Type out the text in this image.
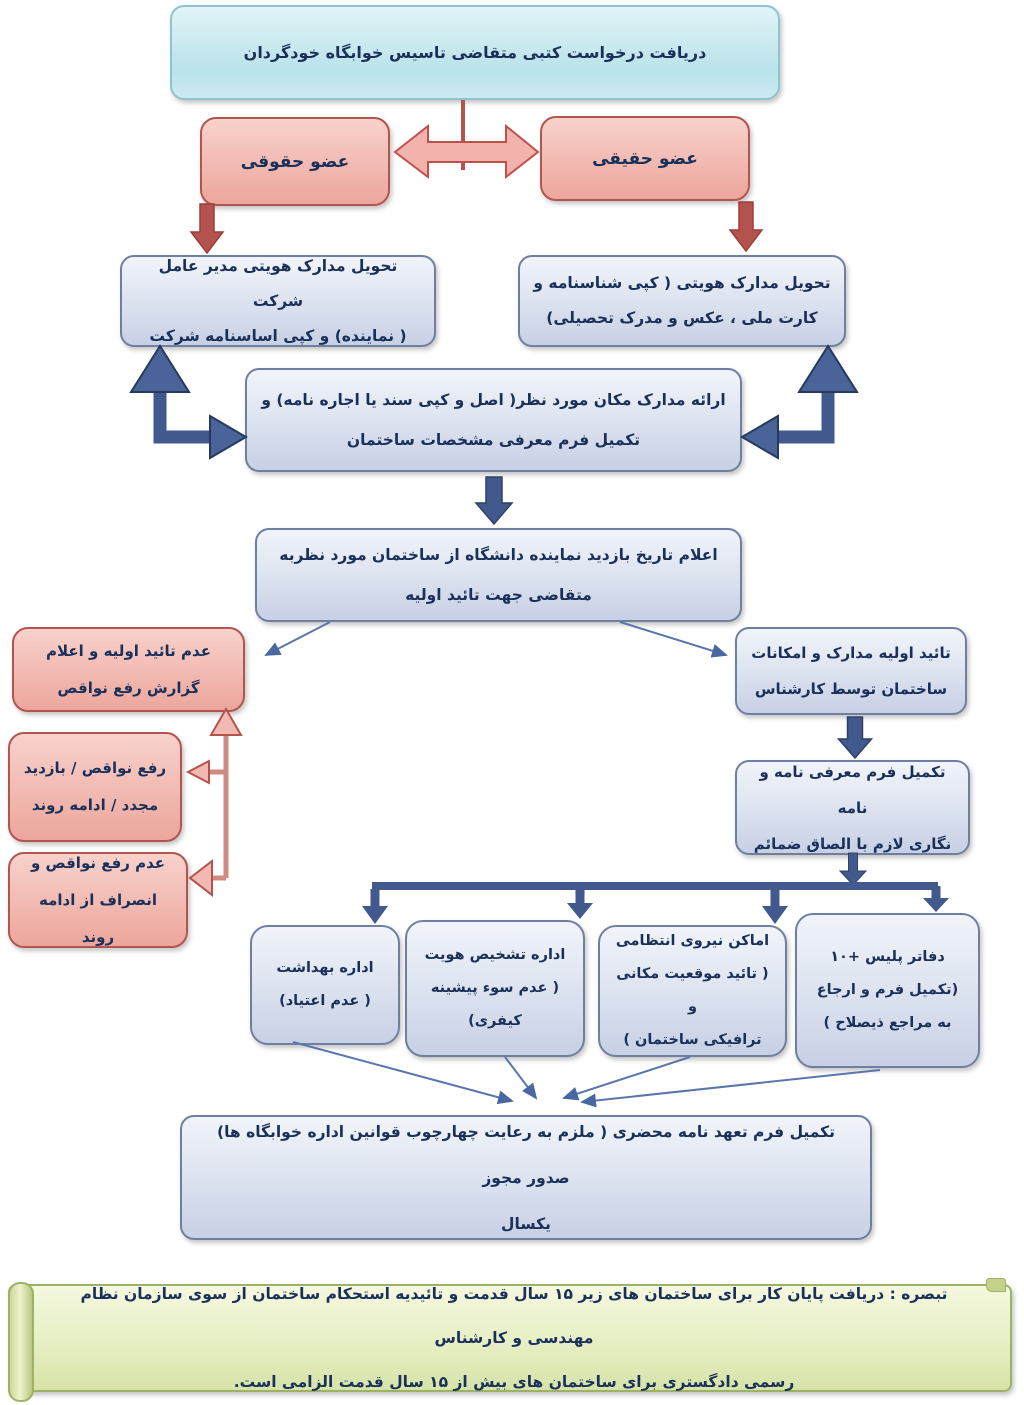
دریافت درخواست کتبی متقاضی تاسیس خوابگاه خودگردان
عضو حقوقی	عضو حقیقی
تحویل مدارک هویتی مدیر عامل شرکت
( نماینده) و کپی اساسنامه شرکت
تحویل مدارک هویتی ( کپی شناسنامه و
کارت ملی ، عکس و مدرک تحصیلی)
ارائه مدارک مکان مورد نظر( اصل و کپی سند یا اجاره نامه) و
تکمیل فرم معرفی مشخصات ساختمان
اعلام تاریخ بازدید نماینده دانشگاه از ساختمان مورد نظربه
متقاضی جهت تائید اولیه
عدم تائید اولیه و اعلام
گزارش رفع نواقص
رفع نواقص / بازدید
مجدد / ادامه روند
عدم رفع نواقص و
انصراف از ادامه روند
تائید اولیه مدارک و امکانات
ساختمان توسط کارشناس
تکمیل فرم معرفی نامه و نامه
نگاری لازم با الصاق ضمائم
اداره بهداشت
( عدم اعتیاد)
اداره تشخیص هویت
( عدم سوء پیشینه
کیفری)
اماکن نیروی انتظامی
( تائید موقعیت مکانی و
ترافیکی ساختمان )
دفاتر پلیس +۱۰
(تکمیل فرم و ارجاع
به مراجع ذیصلاح )
تکمیل فرم تعهد نامه محضری ( ملزم به رعایت چهارچوب قوانین اداره خوابگاه ها) صدور مجوز
یکسال
تبصره : دریافت پایان کار برای ساختمان های زیر ۱۵ سال قدمت و تائیدیه استحکام ساختمان از سوی سازمان نظام مهندسی و کارشناس
رسمی دادگستری برای ساختمان های بیش از ۱۵ سال قدمت الزامی است.
